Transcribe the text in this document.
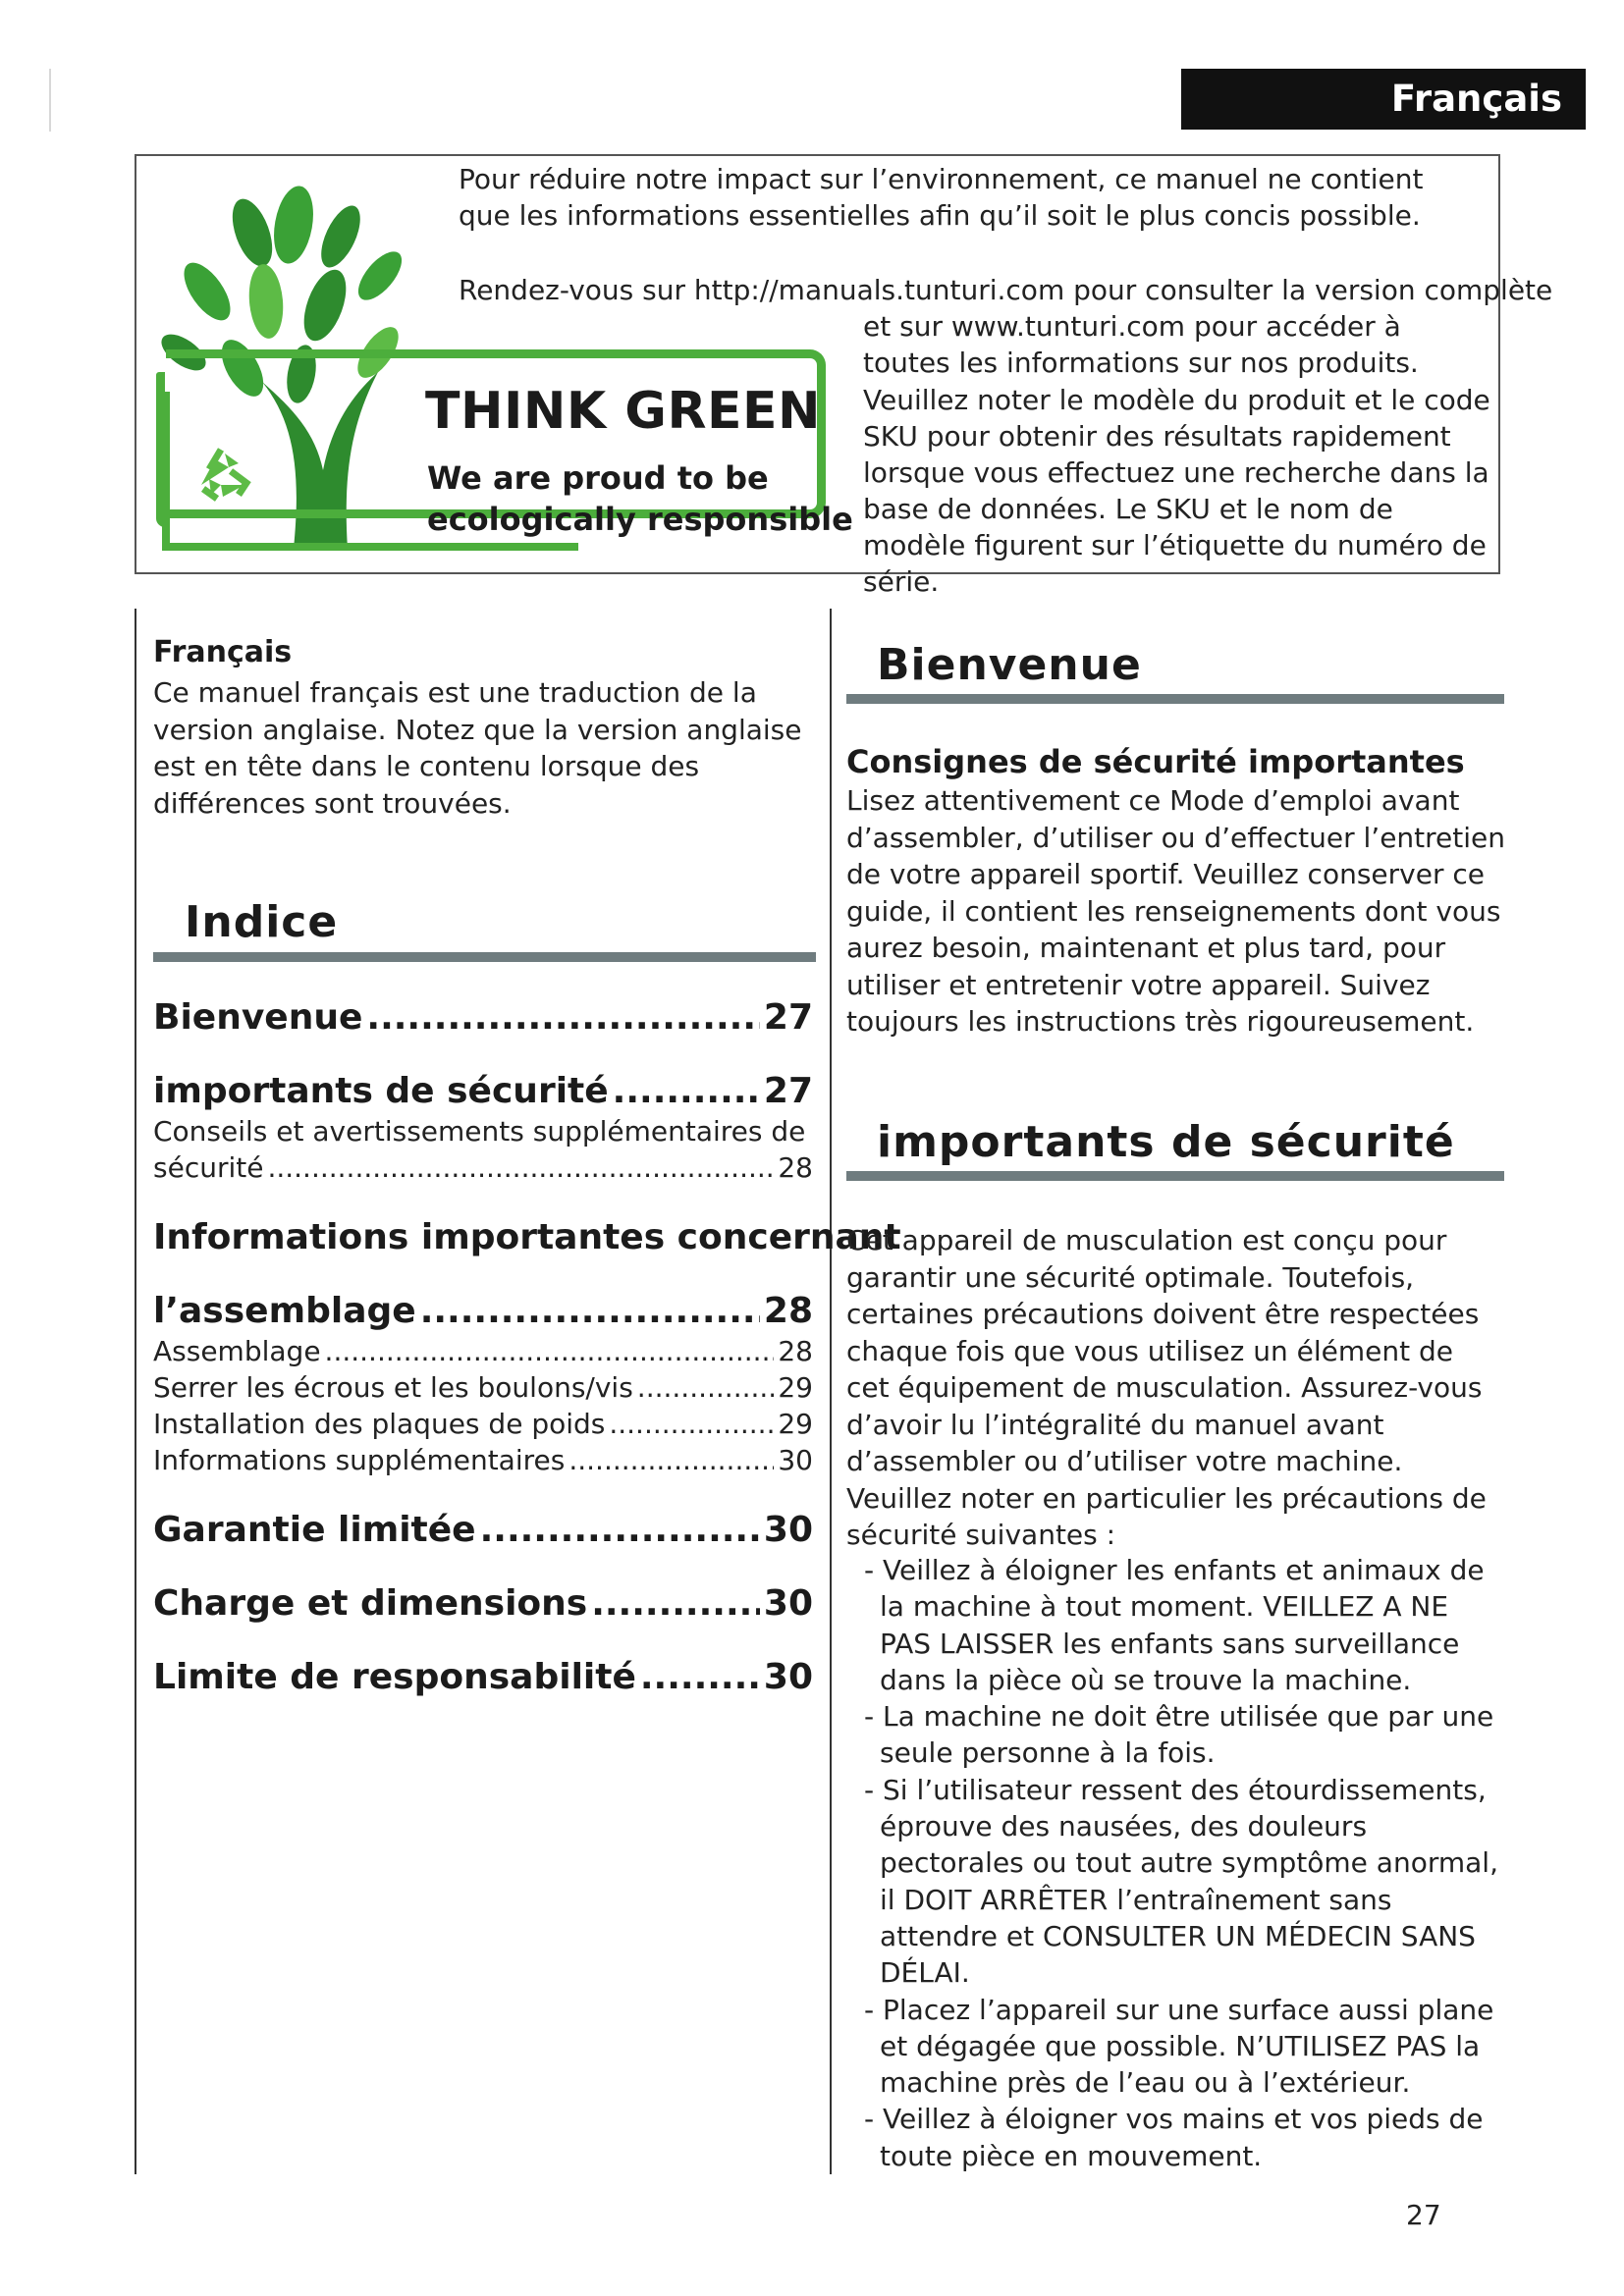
Français
THINK GREEN
We are proud to be
ecologically responsible

Pour réduire notre impact sur l’environnement, ce manuel ne contient que les informations essentielles afin qu’il soit le plus concis possible.

Rendez-vous sur http://manuals.tunturi.com pour consulter la version complète

et sur www.tunturi.com pour accéder à toutes les informations sur nos produits.

Veuillez noter le modèle du produit et le code SKU pour obtenir des résultats rapidement lorsque vous effectuez une recherche dans la base de données. Le SKU et le nom de modèle figurent sur l’étiquette du numéro de série.

Français

Ce manuel français est une traduction de la version anglaise. Notez que la version anglaise est en tête dans le contenu lorsque des différences sont trouvées.

Indice
Bienvenue .....	27
importants de sécurité .....	27
Conseils et avertissements supplémentaires de
sécurité .....	28
Informations importantes concernant
l’assemblage .....	28
Assemblage .....	28
Serrer les écrous et les boulons/vis .....	29
Installation des plaques de poids .....	29
Informations supplémentaires .....	30
Garantie limitée .....	30
Charge et dimensions .....	30
Limite de responsabilité .....	30
Bienvenue
Consignes de sécurité importantes

Lisez attentivement ce Mode d’emploi avant d’assembler, d’utiliser ou d’effectuer l’entretien de votre appareil sportif. Veuillez conserver ce guide, il contient les renseignements dont vous aurez besoin, maintenant et plus tard, pour utiliser et entretenir votre appareil. Suivez toujours les instructions très rigoureusement.

importants de sécurité

Cet appareil de musculation est conçu pour garantir une sécurité optimale. Toutefois, certaines précautions doivent être respectées chaque fois que vous utilisez un élément de cet équipement de musculation. Assurez-vous d’avoir lu l’intégralité du manuel avant d’assembler ou d’utiliser votre machine. Veuillez noter en particulier les précautions de sécurité suivantes :

- Veillez à éloigner les enfants et animaux de la machine à tout moment. VEILLEZ A NE PAS LAISSER les enfants sans surveillance dans la pièce où se trouve la machine.
- La machine ne doit être utilisée que par une seule personne à la fois.
- Si l’utilisateur ressent des étourdissements, éprouve des nausées, des douleurs pectorales ou tout autre symptôme anormal, il DOIT ARRÊTER l’entraînement sans attendre et CONSULTER UN MÉDECIN SANS DÉLAI.
- Placez l’appareil sur une surface aussi plane et dégagée que possible. N’UTILISEZ PAS la machine près de l’eau ou à l’extérieur.
- Veillez à éloigner vos mains et vos pieds de toute pièce en mouvement.
27
